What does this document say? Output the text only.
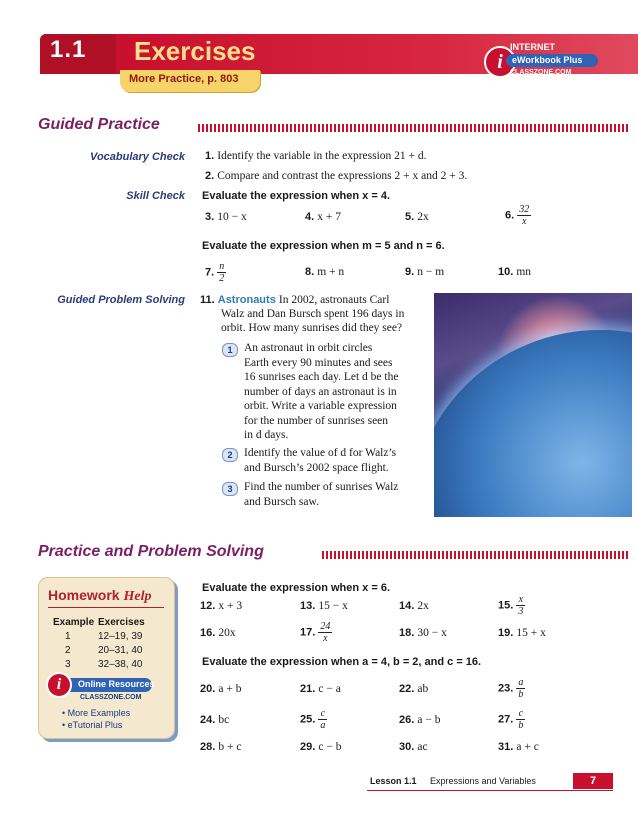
1.1 Exercises
More Practice, p. 803
i
INTERNET
eWorkbook Plus
CLASSZONE.COM
Guided Practice
Vocabulary Check 1. Identify the variable in the expression 21 + d.
2. Compare and contrast the expressions 2 + x and 2 + 3.
Skill Check Evaluate the expression when x = 4.
3. 10 − x	4. x + 7	5. 2x	6. $\frac{32}{x}$
Evaluate the expression when m = 5 and n = 6.
7. $\frac{n}{2}$	8. m + n	9. n − m	10. mn
Guided Problem Solving 11. Astronauts In 2002, astronauts Carl
Walz and Dan Bursch spent 196 days in
orbit. How many sunrises did they see?
1	An astronaut in orbit circles
Earth every 90 minutes and sees
16 sunrises each day. Let d be the
number of days an astronaut is in
orbit. Write a variable expression
for the number of sunrises seen
in d days.
2	Identify the value of d for Walz’s
and Bursch’s 2002 space flight.
3	Find the number of sunrises Walz
and Bursch saw.
Practice and Problem Solving
Evaluate the expression when x = 6.
12. x + 3	13. 15 − x	14. 2x	15. $\frac{x}{3}$
16. 20x	17. $\frac{24}{x}$	18. 30 − x	19. 15 + x
Evaluate the expression when a = 4, b = 2, and c = 16.
20. a + b	21. c − a	22. ab	23. $\frac{a}{b}$
24. bc	25. $\frac{c}{a}$	26. a − b	27. $\frac{c}{b}$
28. b + c	29. c − b	30. ac	31. a + c
Homework Help
Example Exercises
1	12–19, 39
2	20–31, 40
3	32–38, 40
i	Online Resources
CLASSZONE.COM
• More Examples
• eTutorial Plus
Lesson 1.1 Expressions and Variables	7
